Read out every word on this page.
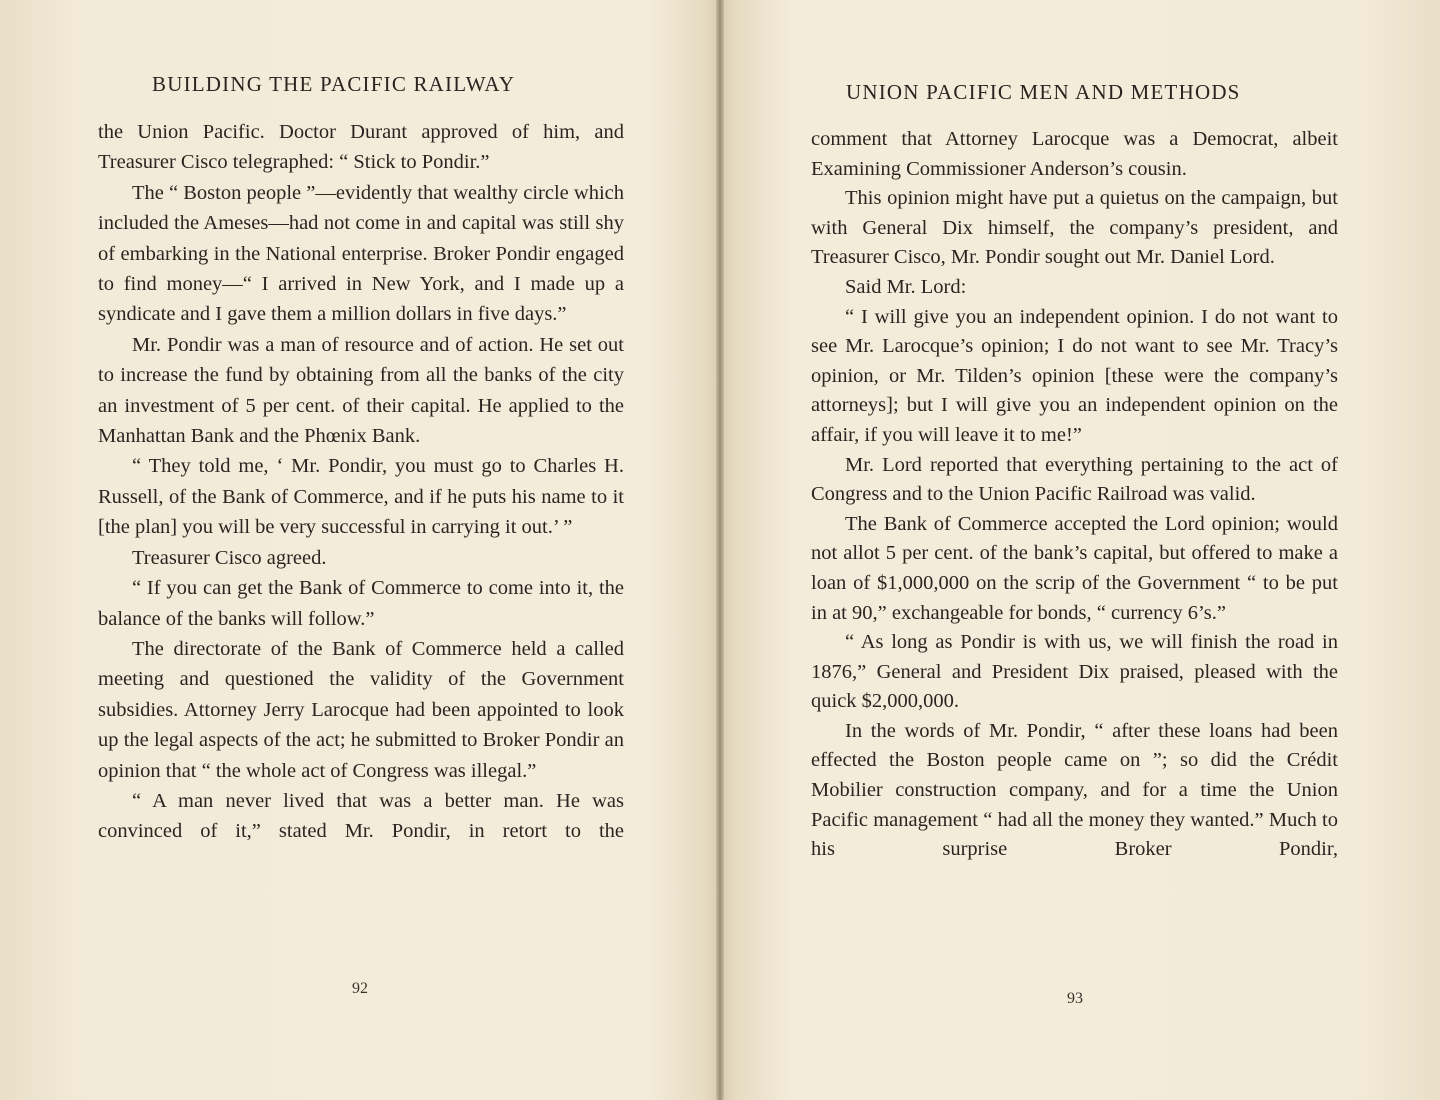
BUILDING THE PACIFIC RAILWAY

the Union Pacific. Doctor Durant approved of him, and Treasurer Cisco telegraphed: “ Stick to Pondir.”

The “ Boston people ”—evidently that wealthy circle which included the Ameses—had not come in and capital was still shy of embarking in the National enterprise. Broker Pondir engaged to find money—“ I arrived in New York, and I made up a syndicate and I gave them a million dollars in five days.”

Mr. Pondir was a man of resource and of action. He set out to increase the fund by obtaining from all the banks of the city an investment of 5 per cent. of their capital. He applied to the Manhattan Bank and the Phœnix Bank.

“ They told me, ‘ Mr. Pondir, you must go to Charles H. Russell, of the Bank of Commerce, and if he puts his name to it [the plan] you will be very successful in carrying it out.’ ”

Treasurer Cisco agreed.

“ If you can get the Bank of Commerce to come into it, the balance of the banks will follow.”

The directorate of the Bank of Commerce held a called meeting and questioned the validity of the Government subsidies. Attorney Jerry Larocque had been appointed to look up the legal aspects of the act; he submitted to Broker Pondir an opinion that “ the whole act of Congress was illegal.”

“ A man never lived that was a better man. He was convinced of it,” stated Mr. Pondir, in retort to the

92
UNION PACIFIC MEN AND METHODS

comment that Attorney Larocque was a Democrat, albeit Examining Commissioner Anderson’s cousin.

This opinion might have put a quietus on the campaign, but with General Dix himself, the company’s president, and Treasurer Cisco, Mr. Pondir sought out Mr. Daniel Lord.

Said Mr. Lord:

“ I will give you an independent opinion. I do not want to see Mr. Larocque’s opinion; I do not want to see Mr. Tracy’s opinion, or Mr. Tilden’s opinion [these were the company’s attorneys]; but I will give you an independent opinion on the affair, if you will leave it to me!”

Mr. Lord reported that everything pertaining to the act of Congress and to the Union Pacific Railroad was valid.

The Bank of Commerce accepted the Lord opinion; would not allot 5 per cent. of the bank’s capital, but offered to make a loan of $1,000,000 on the scrip of the Government “ to be put in at 90,” exchangeable for bonds, “ currency 6’s.”

“ As long as Pondir is with us, we will finish the road in 1876,” General and President Dix praised, pleased with the quick $2,000,000.

In the words of Mr. Pondir, “ after these loans had been effected the Boston people came on ”; so did the Crédit Mobilier construction company, and for a time the Union Pacific management “ had all the money they wanted.” Much to his surprise Broker Pondir,

93
